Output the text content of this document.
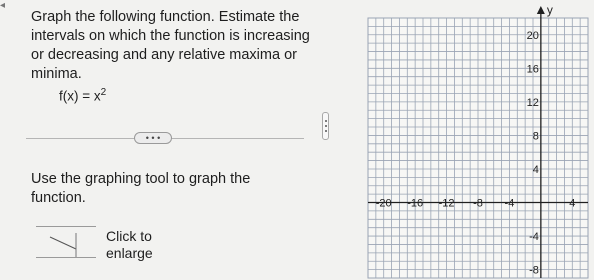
◂
Graph the following function. Estimate the intervals on which the function is increasing or decreasing and any relative maxima or minima.
$f(x) = x^2$
• • •
Use the graphing tool to graph the function.
Click to
enlarge
y
-20 -16 -12 -8 -4	4
20
16
12
8
4
-4
-8
